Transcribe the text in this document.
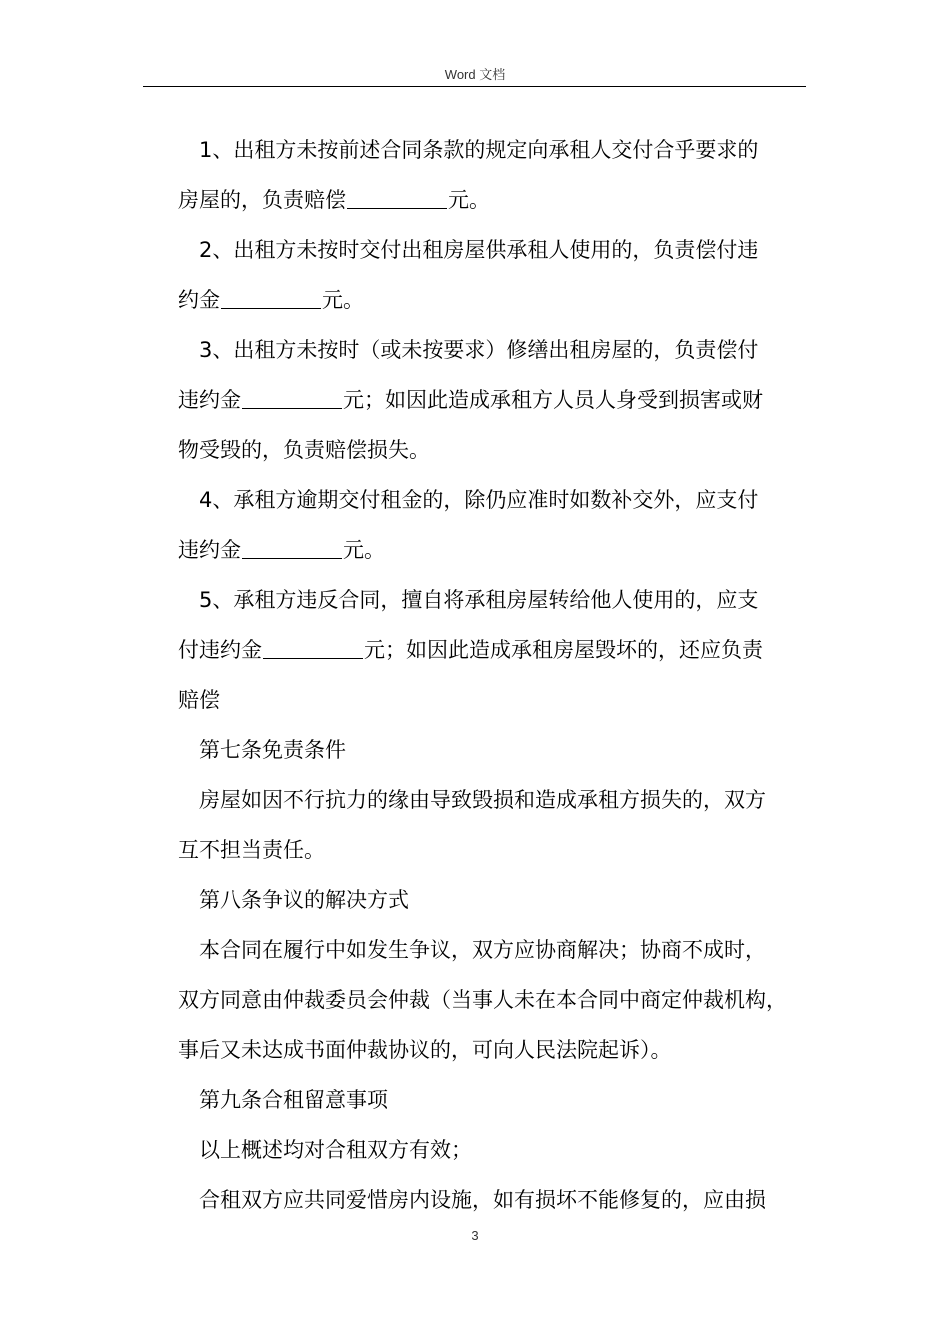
Word 文档

1、出租方未按前述合同条款的规定向承租人交付合乎要求的

房屋的，负责赔偿	元。

2、出租方未按时交付出租房屋供承租人使用的，负责偿付违

约金	元。

3、出租方未按时（或未按要求）修缮出租房屋的，负责偿付

违约金	元；如因此造成承租方人员人身受到损害或财

物受毁的，负责赔偿损失。

4、承租方逾期交付租金的，除仍应准时如数补交外，应支付

违约金	元。

5、承租方违反合同，擅自将承租房屋转给他人使用的，应支

付违约金	元；如因此造成承租房屋毁坏的，还应负责

赔偿

第七条免责条件

房屋如因不行抗力的缘由导致毁损和造成承租方损失的，双方

互不担当责任。

第八条争议的解决方式

本合同在履行中如发生争议，双方应协商解决；协商不成时，

双方同意由仲裁委员会仲裁（当事人未在本合同中商定仲裁机构，

事后又未达成书面仲裁协议的，可向人民法院起诉）。

第九条合租留意事项

以上概述均对合租双方有效；

合租双方应共同爱惜房内设施，如有损坏不能修复的，应由损

3
